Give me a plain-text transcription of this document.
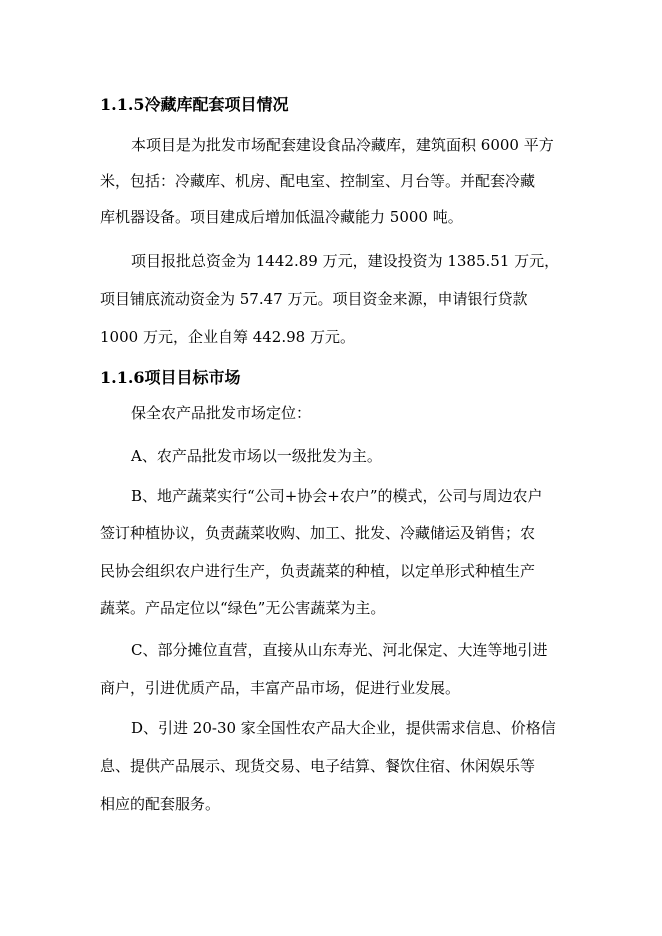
1.1.5冷藏库配套项目情况
本项目是为批发市场配套建设食品冷藏库，建筑面积 6000 平方
米，包括：冷藏库、机房、配电室、控制室、月台等。并配套冷藏
库机器设备。项目建成后增加低温冷藏能力 5000 吨。
项目报批总资金为 1442.89 万元，建设投资为 1385.51 万元，
项目铺底流动资金为 57.47 万元。项目资金来源，申请银行贷款
1000 万元，企业自筹 442.98 万元。
1.1.6项目目标市场
保全农产品批发市场定位：
A、农产品批发市场以一级批发为主。
B、地产蔬菜实行“公司+协会+农户”的模式，公司与周边农户
签订种植协议，负责蔬菜收购、加工、批发、冷藏储运及销售；农
民协会组织农户进行生产，负责蔬菜的种植，以定单形式种植生产
蔬菜。产品定位以“绿色”无公害蔬菜为主。
C、部分摊位直营，直接从山东寿光、河北保定、大连等地引进
商户，引进优质产品，丰富产品市场，促进行业发展。
D、引进 20-30 家全国性农产品大企业，提供需求信息、价格信
息、提供产品展示、现货交易、电子结算、餐饮住宿、休闲娱乐等
相应的配套服务。
